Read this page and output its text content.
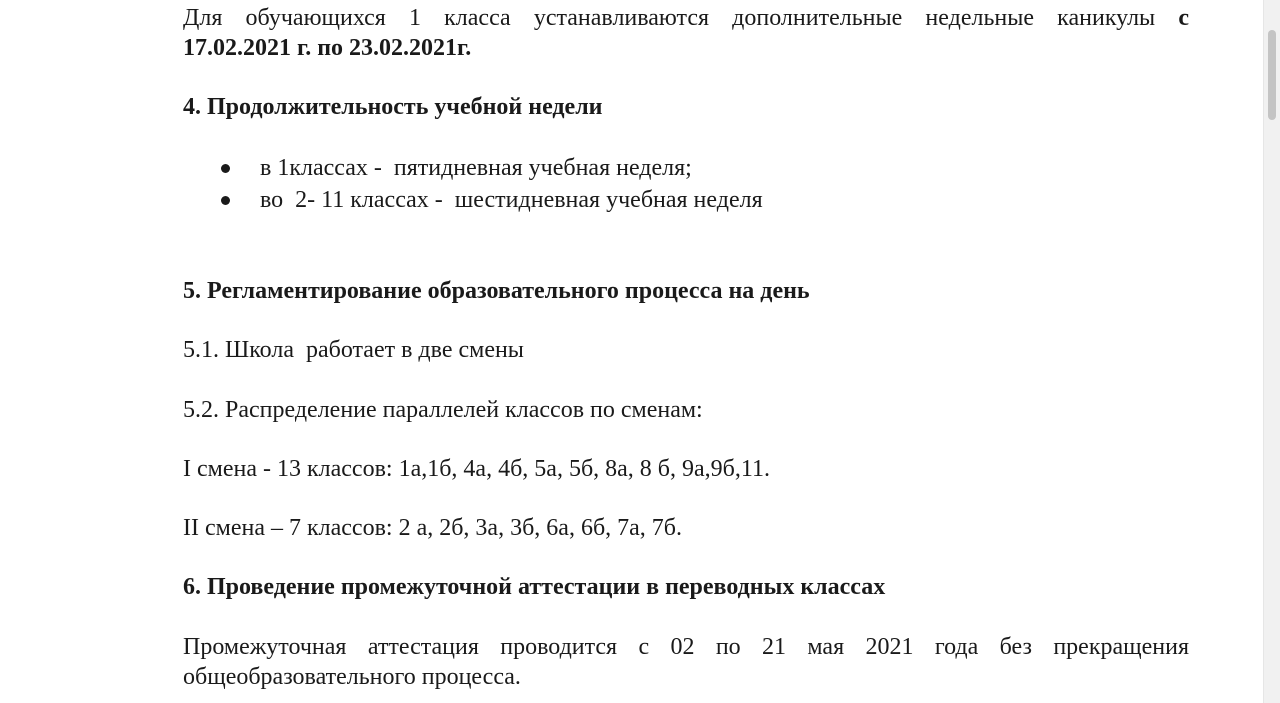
Для обучающихся 1 класса устанавливаются дополнительные недельные каникулы с
17.02.2021 г. по 23.02.2021г.
4. Продолжительность учебной недели
в 1классах -  пятидневная учебная неделя;
во  2- 11 классах -  шестидневная учебная неделя
5. Регламентирование образовательного процесса на день
5.1. Школа  работает в две смены
5.2. Распределение параллелей классов по сменам:
I смена - 13 классов: 1а,1б, 4а, 4б, 5а, 5б, 8а, 8 б, 9а,9б,11.
II смена – 7 классов: 2 а, 2б, 3а, 3б, 6а, 6б, 7а, 7б.
6. Проведение промежуточной аттестации в переводных классах
Промежуточная аттестация проводится с 02 по 21 мая 2021 года без прекращения
общеобразовательного процесса.
